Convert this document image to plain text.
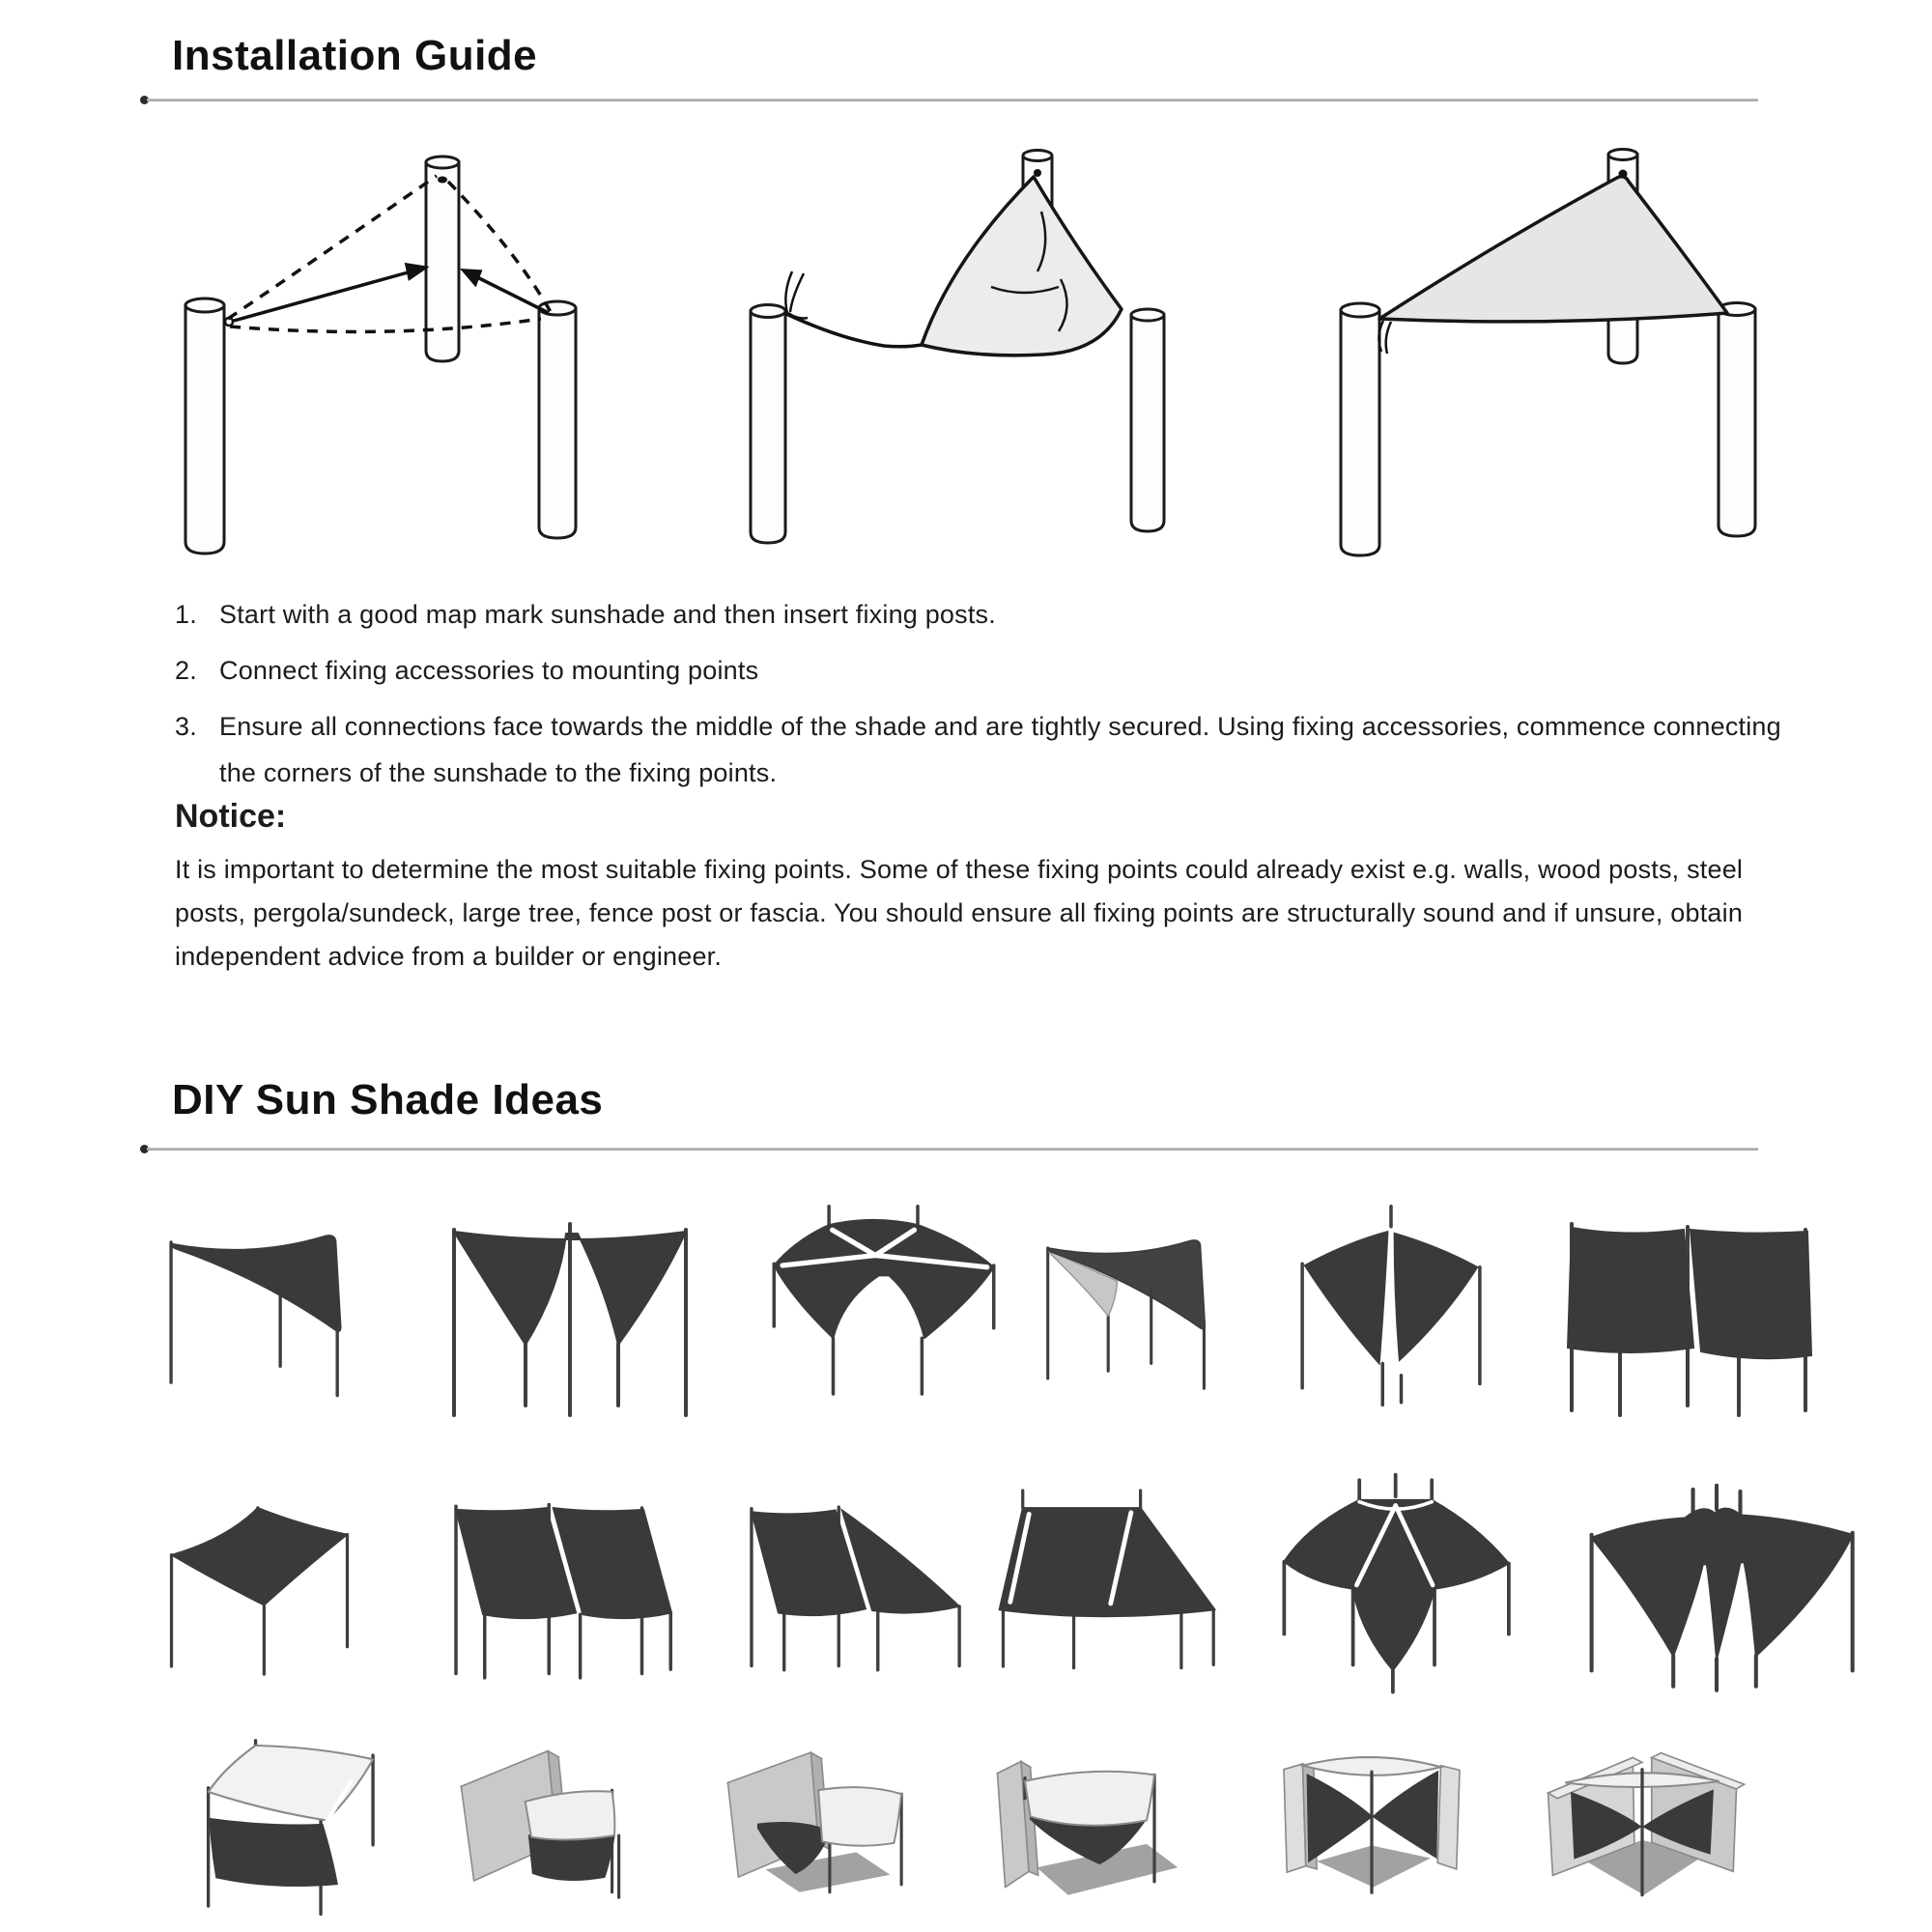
Installation Guide
1. Start with a good map mark sunshade and then insert fixing posts.
2. Connect fixing accessories to mounting points
3. Ensure all connections face towards the middle of the shade and are tightly secured. Using fixing accessories, commence connecting the corners of the sunshade to the fixing points.
Notice:
It is important to determine the most suitable fixing points. Some of these fixing points could already exist e.g. walls, wood posts, steel posts, pergola/sundeck, large tree, fence post or fascia. You should ensure all fixing points are structurally sound and if unsure, obtain independent advice from a builder or engineer.
DIY Sun Shade Ideas
